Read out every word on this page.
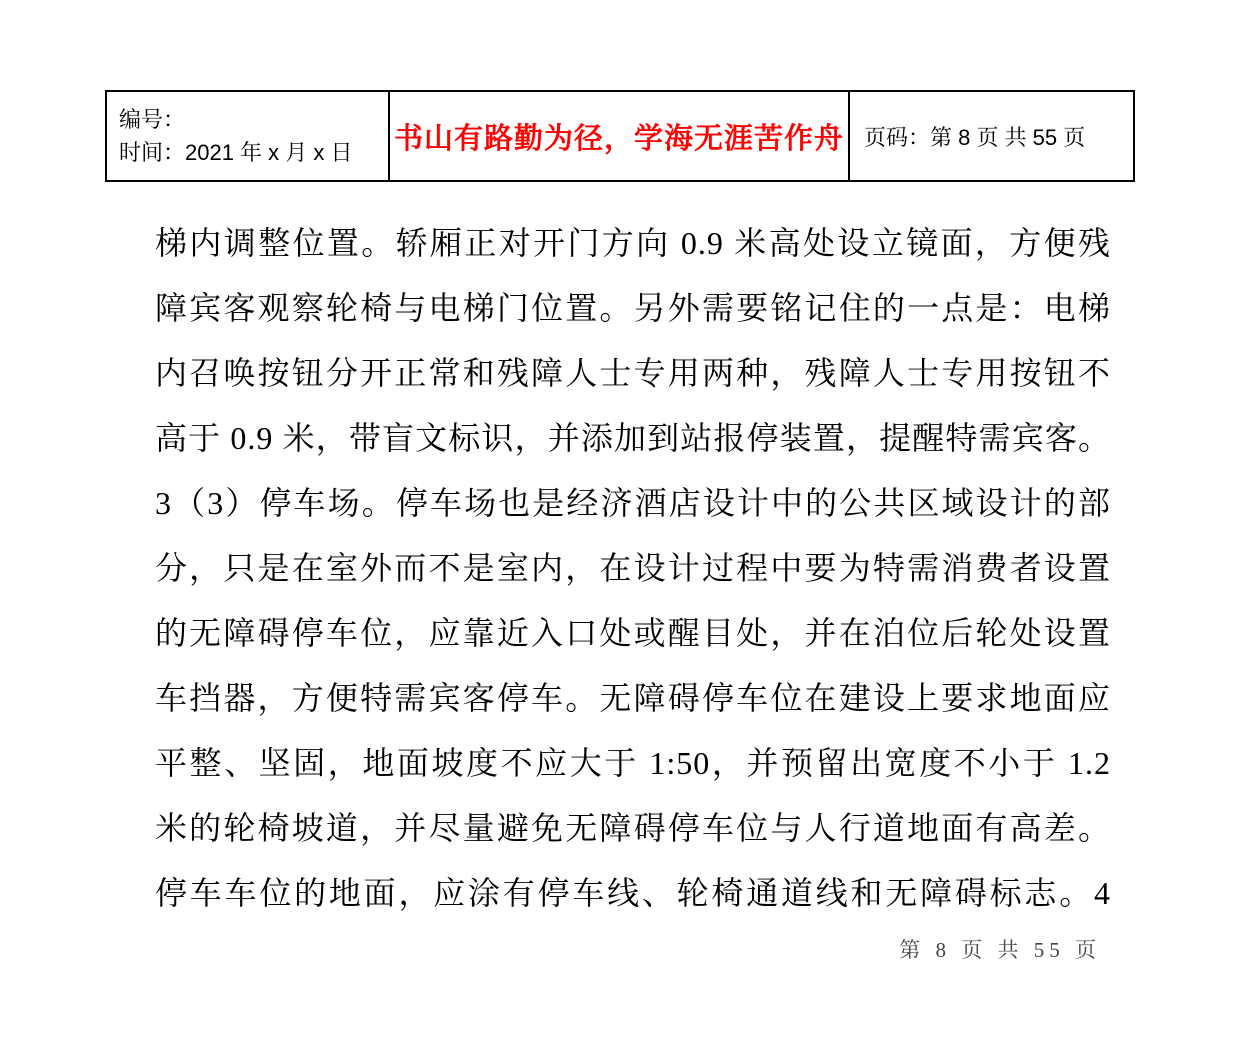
编号：
时间：2021 年 x 月 x 日	书山有路勤为径，学海无涯苦作舟 页码：第 8 页 共 55 页
梯内调整位置。轿厢正对开门方向 0.9 米高处设立镜面，方便残
障宾客观察轮椅与电梯门位置。另外需要铭记住的一点是：电梯
内召唤按钮分开正常和残障人士专用两种，残障人士专用按钮不
高于 0.9 米，带盲文标识，并添加到站报停装置，提醒特需宾客。
3（3）停车场。停车场也是经济酒店设计中的公共区域设计的部
分，只是在室外而不是室内，在设计过程中要为特需消费者设置
的无障碍停车位，应靠近入口处或醒目处，并在泊位后轮处设置
车挡器，方便特需宾客停车。无障碍停车位在建设上要求地面应
平整、坚固，地面坡度不应大于 1:50，并预留出宽度不小于 1.2
米的轮椅坡道，并尽量避免无障碍停车位与人行道地面有高差。
停车车位的地面，应涂有停车线、轮椅通道线和无障碍标志。4
第 8 页 共 55 页
